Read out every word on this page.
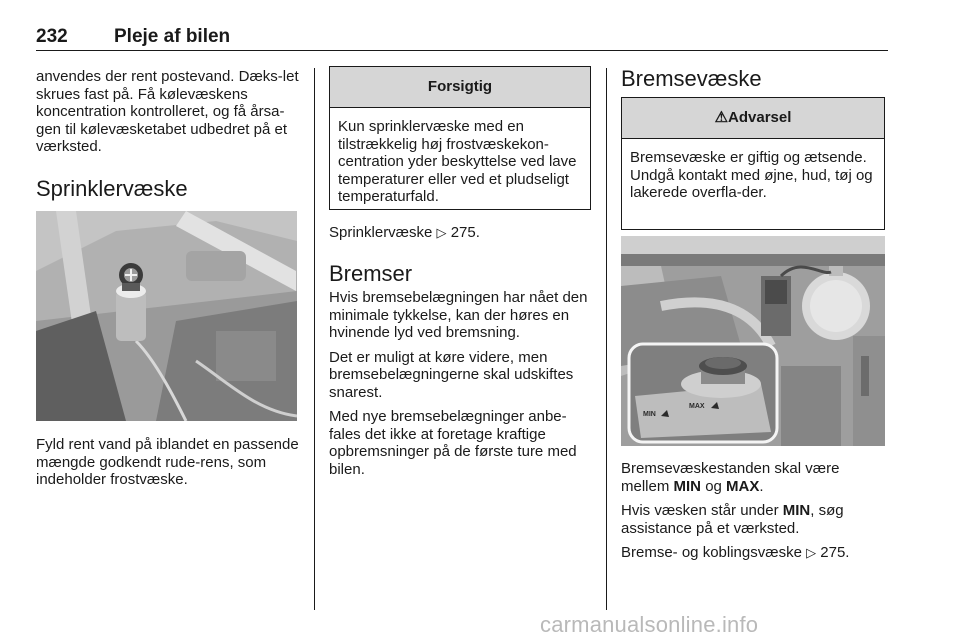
232 Pleje af bilen

anvendes der rent postevand. Dæks-let skrues fast på. Få kølevæskens koncentration kontrolleret, og få årsa-gen til kølevæsketabet udbedret på et værksted.

Sprinklervæske

Fyld rent vand på iblandet en passende mængde godkendt rude-rens, som indeholder frostvæske.

Forsigtig
Kun sprinklervæske med en tilstrækkelig høj frostvæskekon-centration yder beskyttelse ved lave temperaturer eller ved et pludseligt temperaturfald.

Sprinklervæske ▷ 275.

Bremser

Hvis bremsebelægningen har nået den minimale tykkelse, kan der høres en hvinende lyd ved bremsning.

Det er muligt at køre videre, men bremsebelægningerne skal udskiftes snarest.

Med nye bremsebelægninger anbe-fales det ikke at foretage kraftige opbremsninger på de første ture med bilen.

Bremsevæske
⚠Advarsel
Bremsevæske er giftig og ætsende. Undgå kontakt med øjne, hud, tøj og lakerede overfla-der.
MAX
MIN

Bremsevæskestanden skal være mellem MIN og MAX.

Hvis væsken står under MIN, søg assistance på et værksted.

Bremse- og koblingsvæske ▷ 275.

carmanualsonline.info
